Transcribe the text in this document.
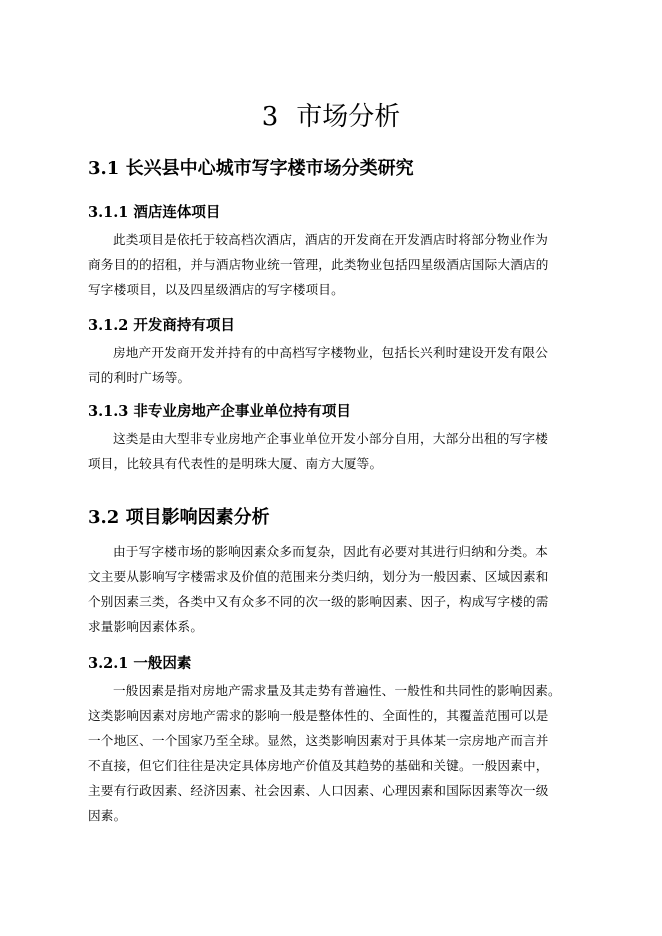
3 市场分析
3.1 长兴县中心城市写字楼市场分类研究
3.1.1 酒店连体项目
此类项目是依托于较高档次酒店，酒店的开发商在开发酒店时将部分物业作为
商务目的的招租，并与酒店物业统一管理，此类物业包括四星级酒店国际大酒店的
写字楼项目，以及四星级酒店的写字楼项目。
3.1.2 开发商持有项目
房地产开发商开发并持有的中高档写字楼物业，包括长兴利时建设开发有限公
司的利时广场等。
3.1.3 非专业房地产企事业单位持有项目
这类是由大型非专业房地产企事业单位开发小部分自用，大部分出租的写字楼
项目，比较具有代表性的是明珠大厦、南方大厦等。
3.2 项目影响因素分析
由于写字楼市场的影响因素众多而复杂，因此有必要对其进行归纳和分类。本
文主要从影响写字楼需求及价值的范围来分类归纳，划分为一般因素、区域因素和
个别因素三类，各类中又有众多不同的次一级的影响因素、因子，构成写字楼的需
求量影响因素体系。
3.2.1 一般因素
一般因素是指对房地产需求量及其走势有普遍性、一般性和共同性的影响因素。
这类影响因素对房地产需求的影响一般是整体性的、全面性的，其覆盖范围可以是
一个地区、一个国家乃至全球。显然，这类影响因素对于具体某一宗房地产而言并
不直接，但它们往往是决定具体房地产价值及其趋势的基础和关键。一般因素中，
主要有行政因素、经济因素、社会因素、人口因素、心理因素和国际因素等次一级
因素。
